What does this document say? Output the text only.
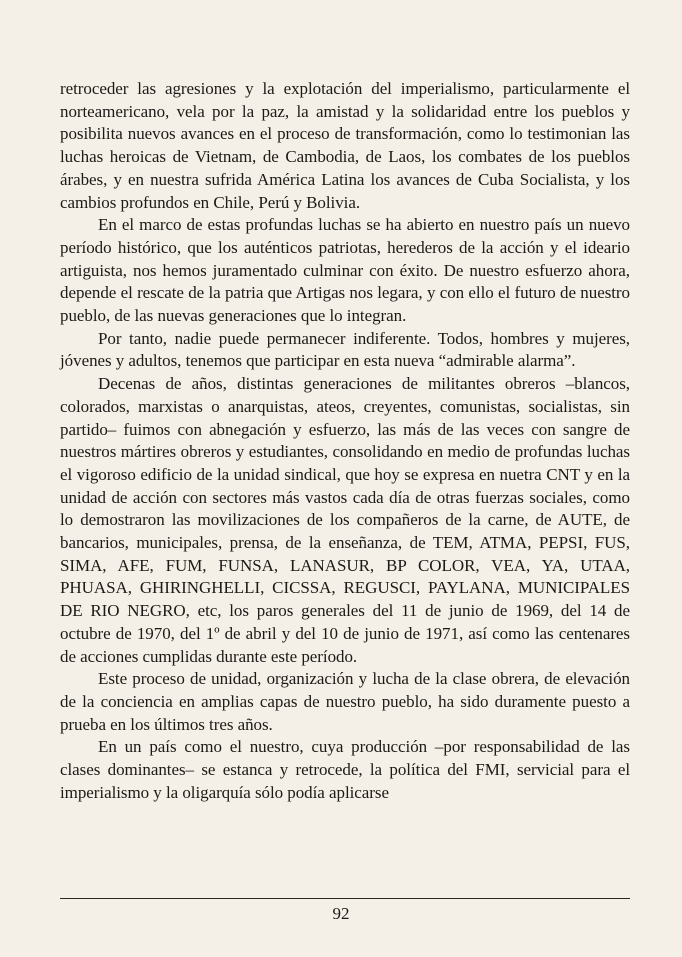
retroceder las agresiones y la explotación del imperialismo, particularmente el norteamericano, vela por la paz, la amistad y la solidaridad entre los pueblos y posibilita nuevos avances en el proceso de transformación, como lo testimonian las luchas heroicas de Vietnam, de Cambodia, de Laos, los combates de los pueblos árabes, y en nuestra sufrida América Latina los avances de Cuba Socialista, y los cambios profundos en Chile, Perú y Bolivia.

En el marco de estas profundas luchas se ha abierto en nuestro país un nuevo período histórico, que los auténticos patriotas, herederos de la acción y el ideario artiguista, nos hemos juramentado culminar con éxito. De nuestro esfuerzo ahora, depende el rescate de la patria que Artigas nos legara, y con ello el futuro de nuestro pueblo, de las nuevas generaciones que lo integran.

Por tanto, nadie puede permanecer indiferente. Todos, hombres y mujeres, jóvenes y adultos, tenemos que participar en esta nueva “admirable alarma”.

Decenas de años, distintas generaciones de militantes obreros –blancos, colorados, marxistas o anarquistas, ateos, creyentes, comunistas, socialistas, sin partido– fuimos con abnegación y esfuerzo, las más de las veces con sangre de nuestros mártires obreros y estudiantes, consolidando en medio de profundas luchas el vigoroso edificio de la unidad sindical, que hoy se expresa en nuetra CNT y en la unidad de acción con sectores más vastos cada día de otras fuerzas sociales, como lo demostraron las movilizaciones de los compañeros de la carne, de AUTE, de bancarios, municipales, prensa, de la enseñanza, de TEM, ATMA, PEPSI, FUS, SIMA, AFE, FUM, FUNSA, LANASUR, BP COLOR, VEA, YA, UTAA, PHUASA, GHIRINGHELLI, CICSSA, REGUSCI, PAYLANA, MUNICIPALES DE RIO NEGRO, etc, los paros generales del 11 de junio de 1969, del 14 de octubre de 1970, del 1º de abril y del 10 de junio de 1971, así como las centenares de acciones cumplidas durante este período.

Este proceso de unidad, organización y lucha de la clase obrera, de elevación de la conciencia en amplias capas de nuestro pueblo, ha sido duramente puesto a prueba en los últimos tres años.

En un país como el nuestro, cuya producción –por responsabilidad de las clases dominantes– se estanca y retrocede, la política del FMI, servicial para el imperialismo y la oligarquía sólo podía aplicarse

92
